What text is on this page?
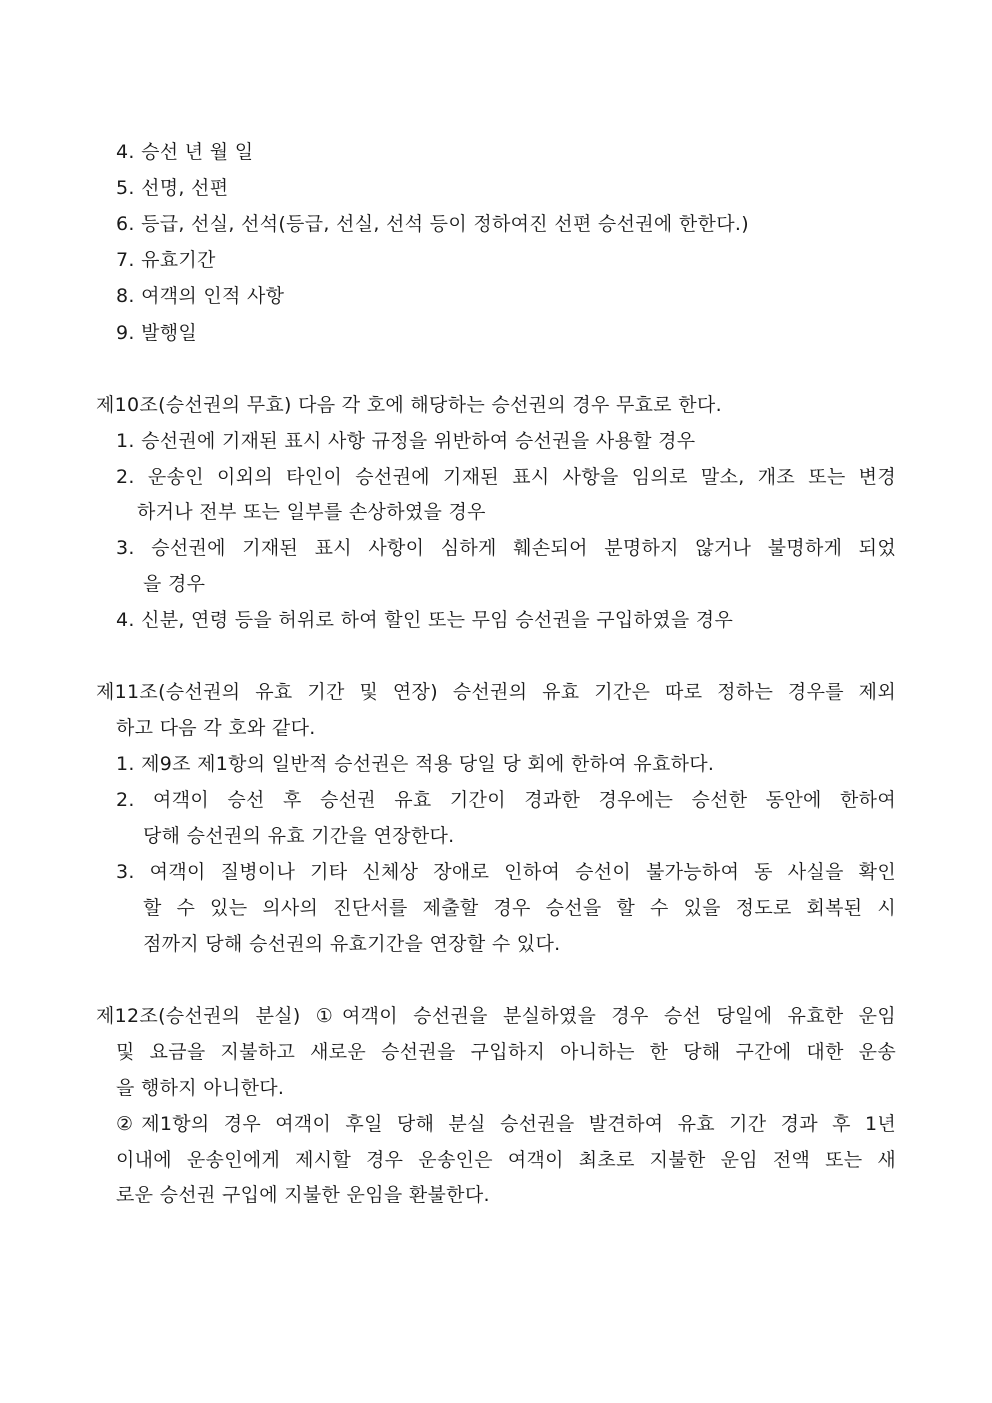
4. 승선 년 월 일
5. 선명, 선편
6. 등급, 선실, 선석(등급, 선실, 선석 등이 정하여진 선편 승선권에 한한다.)
7. 유효기간
8. 여객의 인적 사항
9. 발행일
제10조(승선권의 무효) 다음 각 호에 해당하는 승선권의 경우 무효로 한다.
1. 승선권에 기재된 표시 사항 규정을 위반하여 승선권을 사용할 경우
2. 운송인 이외의 타인이 승선권에 기재된 표시 사항을 임의로 말소, 개조 또는 변경
하거나 전부 또는 일부를 손상하였을 경우
3. 승선권에 기재된 표시 사항이 심하게 훼손되어 분명하지 않거나 불명하게 되었
을 경우
4. 신분, 연령 등을 허위로 하여 할인 또는 무임 승선권을 구입하였을 경우
제11조(승선권의 유효 기간 및 연장) 승선권의 유효 기간은 따로 정하는 경우를 제외
하고 다음 각 호와 같다.
1. 제9조 제1항의 일반적 승선권은 적용 당일 당 회에 한하여 유효하다.
2. 여객이 승선 후 승선권 유효 기간이 경과한 경우에는 승선한 동안에 한하여
당해 승선권의 유효 기간을 연장한다.
3. 여객이 질병이나 기타 신체상 장애로 인하여 승선이 불가능하여 동 사실을 확인
할 수 있는 의사의 진단서를 제출할 경우 승선을 할 수 있을 정도로 회복된 시
점까지 당해 승선권의 유효기간을 연장할 수 있다.
제12조(승선권의 분실) ①여객이 승선권을 분실하였을 경우 승선 당일에 유효한 운임
및 요금을 지불하고 새로운 승선권을 구입하지 아니하는 한 당해 구간에 대한 운송
을 행하지 아니한다.
②제1항의 경우 여객이 후일 당해 분실 승선권을 발견하여 유효 기간 경과 후 1년
이내에 운송인에게 제시할 경우 운송인은 여객이 최초로 지불한 운임 전액 또는 새
로운 승선권 구입에 지불한 운임을 환불한다.
